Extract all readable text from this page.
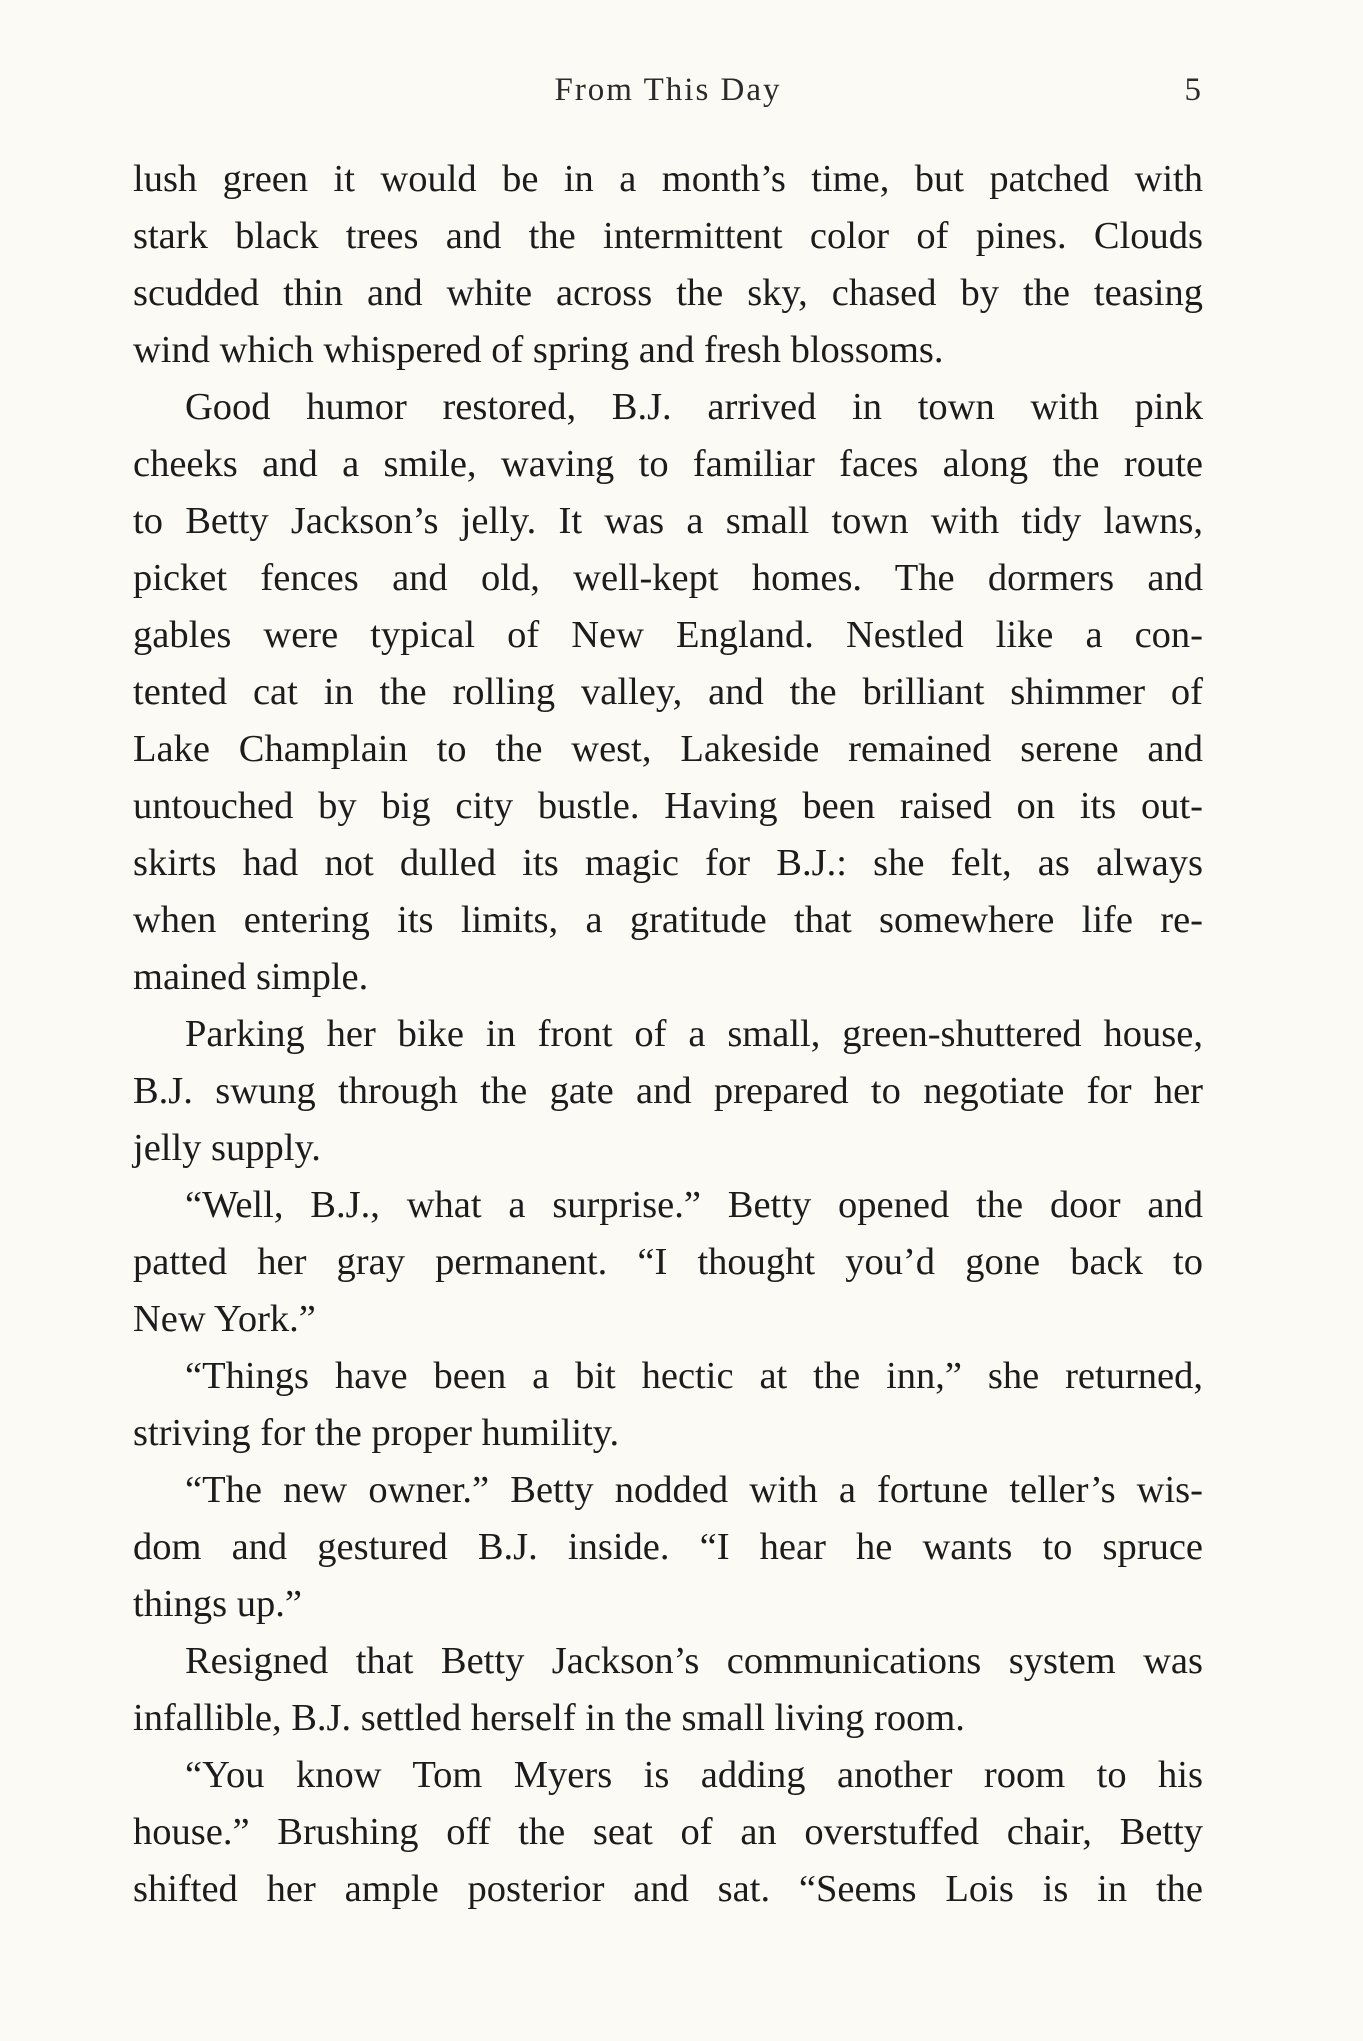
From This Day	5
lush green it would be in a month’s time, but patched with
stark black trees and the intermittent color of pines. Clouds
scudded thin and white across the sky, chased by the teasing
wind which whispered of spring and fresh blossoms.
Good humor restored, B.J. arrived in town with pink
cheeks and a smile, waving to familiar faces along the route
to Betty Jackson’s jelly. It was a small town with tidy lawns,
picket fences and old, well-kept homes. The dormers and
gables were typical of New England. Nestled like a con-
tented cat in the rolling valley, and the brilliant shimmer of
Lake Champlain to the west, Lakeside remained serene and
untouched by big city bustle. Having been raised on its out-
skirts had not dulled its magic for B.J.: she felt, as always
when entering its limits, a gratitude that somewhere life re-
mained simple.
Parking her bike in front of a small, green-shuttered house,
B.J. swung through the gate and prepared to negotiate for her
jelly supply.
“Well, B.J., what a surprise.” Betty opened the door and
patted her gray permanent. “I thought you’d gone back to
New York.”
“Things have been a bit hectic at the inn,” she returned,
striving for the proper humility.
“The new owner.” Betty nodded with a fortune teller’s wis-
dom and gestured B.J. inside. “I hear he wants to spruce
things up.”
Resigned that Betty Jackson’s communications system was
infallible, B.J. settled herself in the small living room.
“You know Tom Myers is adding another room to his
house.” Brushing off the seat of an overstuffed chair, Betty
shifted her ample posterior and sat. “Seems Lois is in the
